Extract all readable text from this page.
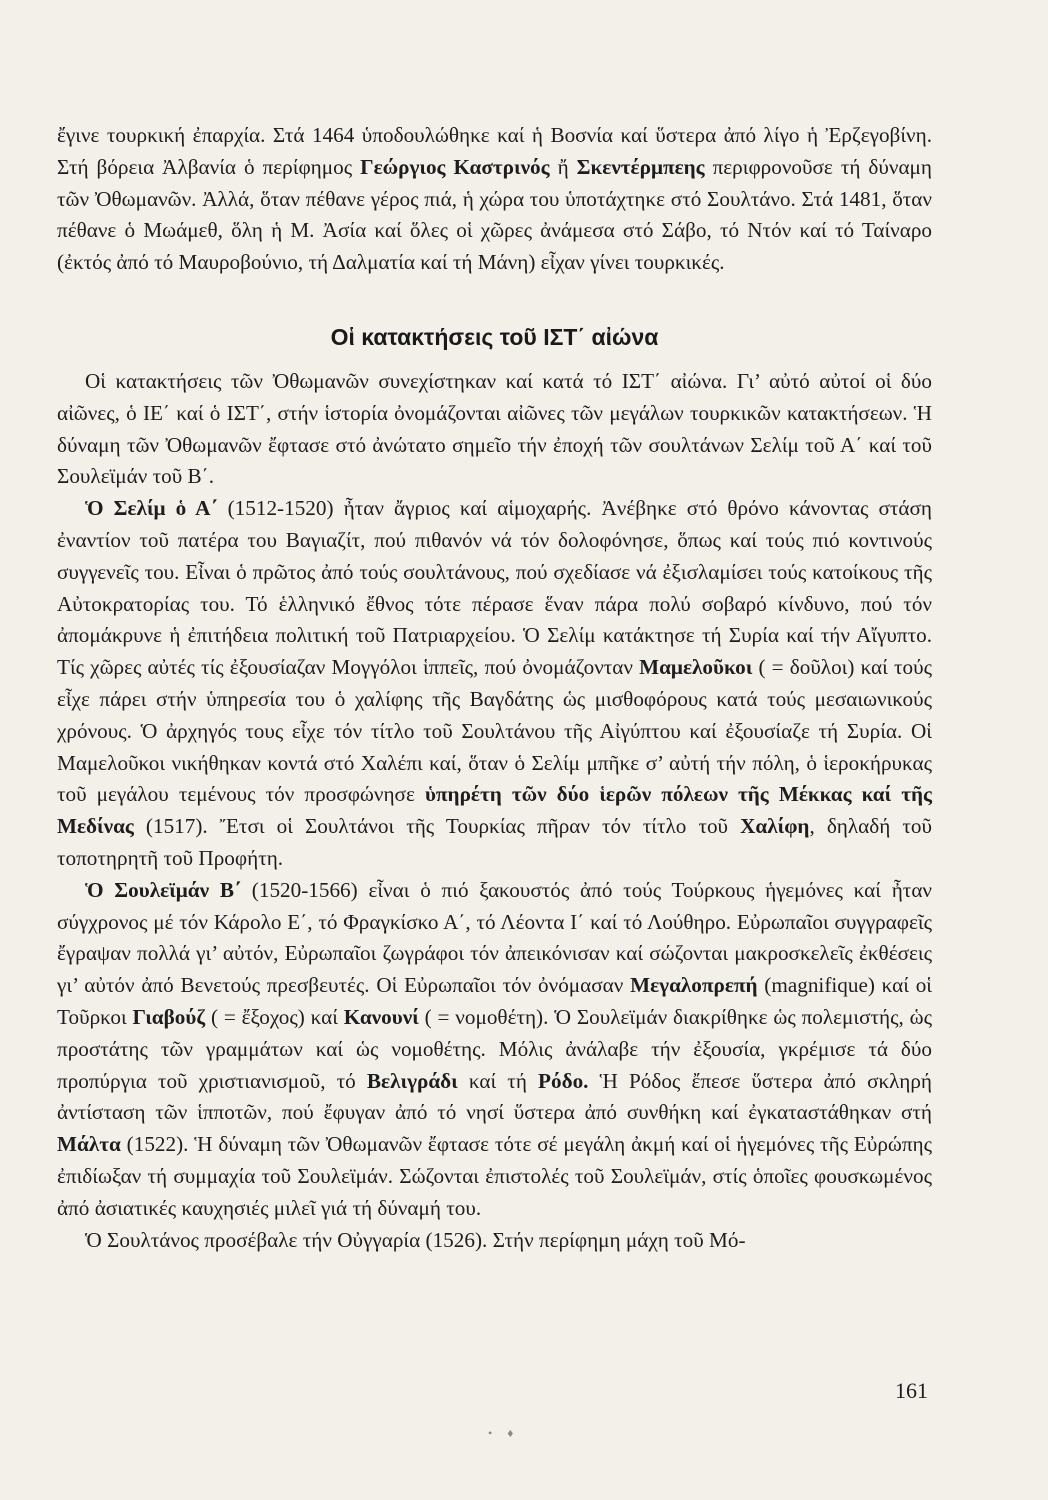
ἔγινε τουρκική ἐπαρχία. Στά 1464 ὑποδουλώθηκε καί ἡ Βοσνία καί ὕστερα ἀπό λίγο ἡ Ἐρζεγοβίνη. Στή βόρεια Ἀλβανία ὁ περίφημος Γεώργιος Καστρινός ἤ Σκεντέρμπεης περιφρονοῦσε τή δύναμη τῶν Ὀθωμανῶν. Ἀλλά, ὅταν πέθανε γέρος πιά, ἡ χώρα του ὑποτάχτηκε στό Σουλτάνο. Στά 1481, ὅταν πέθανε ὁ Μωάμεθ, ὅλη ἡ Μ. Ἀσία καί ὅλες οἱ χῶρες ἀνάμεσα στό Σάβο, τό Ντόν καί τό Ταίναρο (ἐκτός ἀπό τό Μαυροβούνιο, τή Δαλματία καί τή Μάνη) εἶχαν γίνει τουρκικές.

Οἱ κατακτήσεις τοῦ ΙΣΤ΄ αἰώνα

Οἱ κατακτήσεις τῶν Ὀθωμανῶν συνεχίστηκαν καί κατά τό ΙΣΤ΄ αἰώνα. Γι’ αὐτό αὐτοί οἱ δύο αἰῶνες, ὁ ΙΕ΄ καί ὁ ΙΣΤ΄, στήν ἱστορία ὀνομάζονται αἰῶνες τῶν μεγάλων τουρκικῶν κατακτήσεων. Ἡ δύναμη τῶν Ὀθωμανῶν ἔφτασε στό ἀνώτατο σημεῖο τήν ἐποχή τῶν σουλτάνων Σελίμ τοῦ Α΄ καί τοῦ Σουλεϊμάν τοῦ Β΄.

Ὁ Σελίμ ὁ Α΄ (1512-1520) ἦταν ἄγριος καί αἱμοχαρής. Ἀνέβηκε στό θρόνο κάνοντας στάση ἐναντίον τοῦ πατέρα του Βαγιαζίτ, πού πιθανόν νά τόν δολοφόνησε, ὅπως καί τούς πιό κοντινούς συγγενεῖς του. Εἶναι ὁ πρῶτος ἀπό τούς σουλτάνους, πού σχεδίασε νά ἐξισλαμίσει τούς κατοίκους τῆς Αὐτοκρατορίας του. Τό ἑλληνικό ἔθνος τότε πέρασε ἕναν πάρα πολύ σοβαρό κίνδυνο, πού τόν ἀπομάκρυνε ἡ ἐπιτήδεια πολιτική τοῦ Πατριαρχείου. Ὁ Σελίμ κατάκτησε τή Συρία καί τήν Αἴγυπτο. Τίς χῶρες αὐτές τίς ἐξουσίαζαν Μογγόλοι ἱππεῖς, πού ὀνομάζονταν Μαμελοῦκοι ( = δοῦλοι) καί τούς εἶχε πάρει στήν ὑπηρεσία του ὁ χαλίφης τῆς Βαγδάτης ὡς μισθοφόρους κατά τούς μεσαιωνικούς χρόνους. Ὁ ἀρχηγός τους εἶχε τόν τίτλο τοῦ Σουλτάνου τῆς Αἰγύπτου καί ἐξουσίαζε τή Συρία. Οἱ Μαμελοῦκοι νικήθηκαν κοντά στό Χαλέπι καί, ὅταν ὁ Σελίμ μπῆκε σ’ αὐτή τήν πόλη, ὁ ἱεροκήρυκας τοῦ μεγάλου τεμένους τόν προσφώνησε ὑπηρέτη τῶν δύο ἱερῶν πόλεων τῆς Μέκκας καί τῆς Μεδίνας (1517). Ἔτσι οἱ Σουλτάνοι τῆς Τουρκίας πῆραν τόν τίτλο τοῦ Χαλίφη, δηλαδή τοῦ τοποτηρητῆ τοῦ Προφήτη.

Ὁ Σουλεϊμάν Β΄ (1520-1566) εἶναι ὁ πιό ξακουστός ἀπό τούς Τούρκους ἡγεμόνες καί ἦταν σύγχρονος μέ τόν Κάρολο Ε΄, τό Φραγκίσκο Α΄, τό Λέοντα Ι΄ καί τό Λούθηρο. Εὐρωπαῖοι συγγραφεῖς ἔγραψαν πολλά γι’ αὐτόν, Εὐρωπαῖοι ζωγράφοι τόν ἀπεικόνισαν καί σώζονται μακροσκελεῖς ἐκθέσεις γι’ αὐτόν ἀπό Βενετούς πρεσβευτές. Οἱ Εὐρωπαῖοι τόν ὀνόμασαν Μεγαλοπρεπή (magnifique) καί οἱ Τοῦρκοι Γιαβούζ ( = ἔξοχος) καί Κανουνί ( = νομοθέτη). Ὁ Σουλεϊμάν διακρίθηκε ὡς πολεμιστής, ὡς προστάτης τῶν γραμμάτων καί ὡς νομοθέτης. Μόλις ἀνάλαβε τήν ἐξουσία, γκρέμισε τά δύο προπύργια τοῦ χριστιανισμοῦ, τό Βελιγράδι καί τή Ρόδο. Ἡ Ρόδος ἔπεσε ὕστερα ἀπό σκληρή ἀντίσταση τῶν ἱπποτῶν, πού ἔφυγαν ἀπό τό νησί ὕστερα ἀπό συνθήκη καί ἐγκαταστάθηκαν στή Μάλτα (1522). Ἡ δύναμη τῶν Ὀθωμανῶν ἔφτασε τότε σέ μεγάλη ἀκμή καί οἱ ἡγεμόνες τῆς Εὐρώπης ἐπιδίωξαν τή συμμαχία τοῦ Σουλεϊμάν. Σώζονται ἐπιστολές τοῦ Σουλεϊμάν, στίς ὁποῖες φουσκωμένος ἀπό ἀσιατικές καυχησιές μιλεῖ γιά τή δύναμή του.

Ὁ Σουλτάνος προσέβαλε τήν Οὐγγαρία (1526). Στήν περίφημη μάχη τοῦ Μό-

161
• ♦
